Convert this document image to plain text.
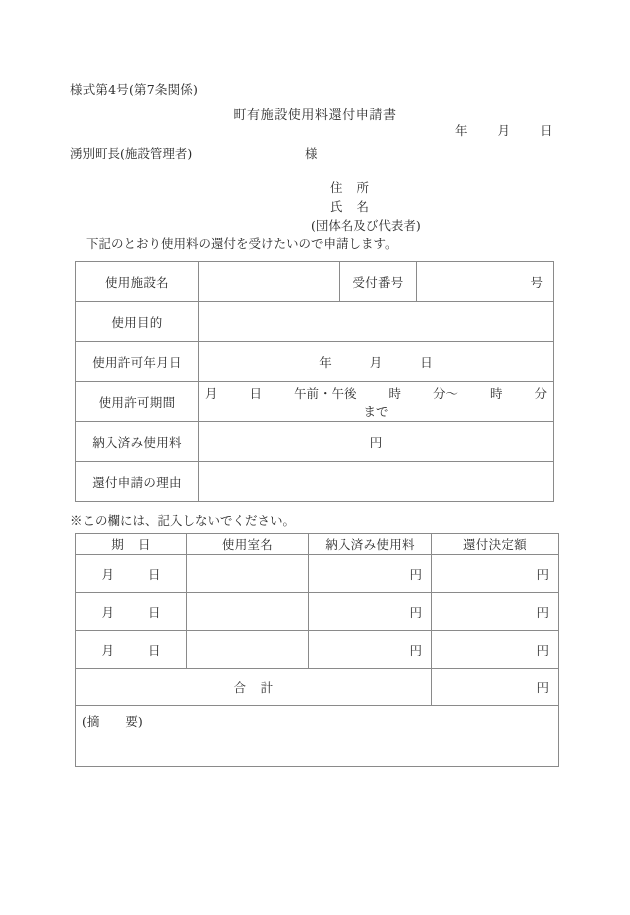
様式第4号(第7条関係)
町有施設使用料還付申請書
年 月 日
湧別町長(施設管理者)	様
住 所
氏 名
(団体名及び代表者)
下記のとおり使用料の還付を受けたいので申請します。
使用施設名		受付番号	号
使用目的			
使用許可年月日	年 月 日		
使用許可期間	月 日 午前・午後 時 分〜 時 分まで		
納入済み使用料	円		
還付申請の理由			
※この欄には、記入しないでください。
期 日	使用室名	納入済み使用料	還付決定額
月 日		円	円
月 日		円	円
月 日		円	円
合 計			円
(摘 要)			
